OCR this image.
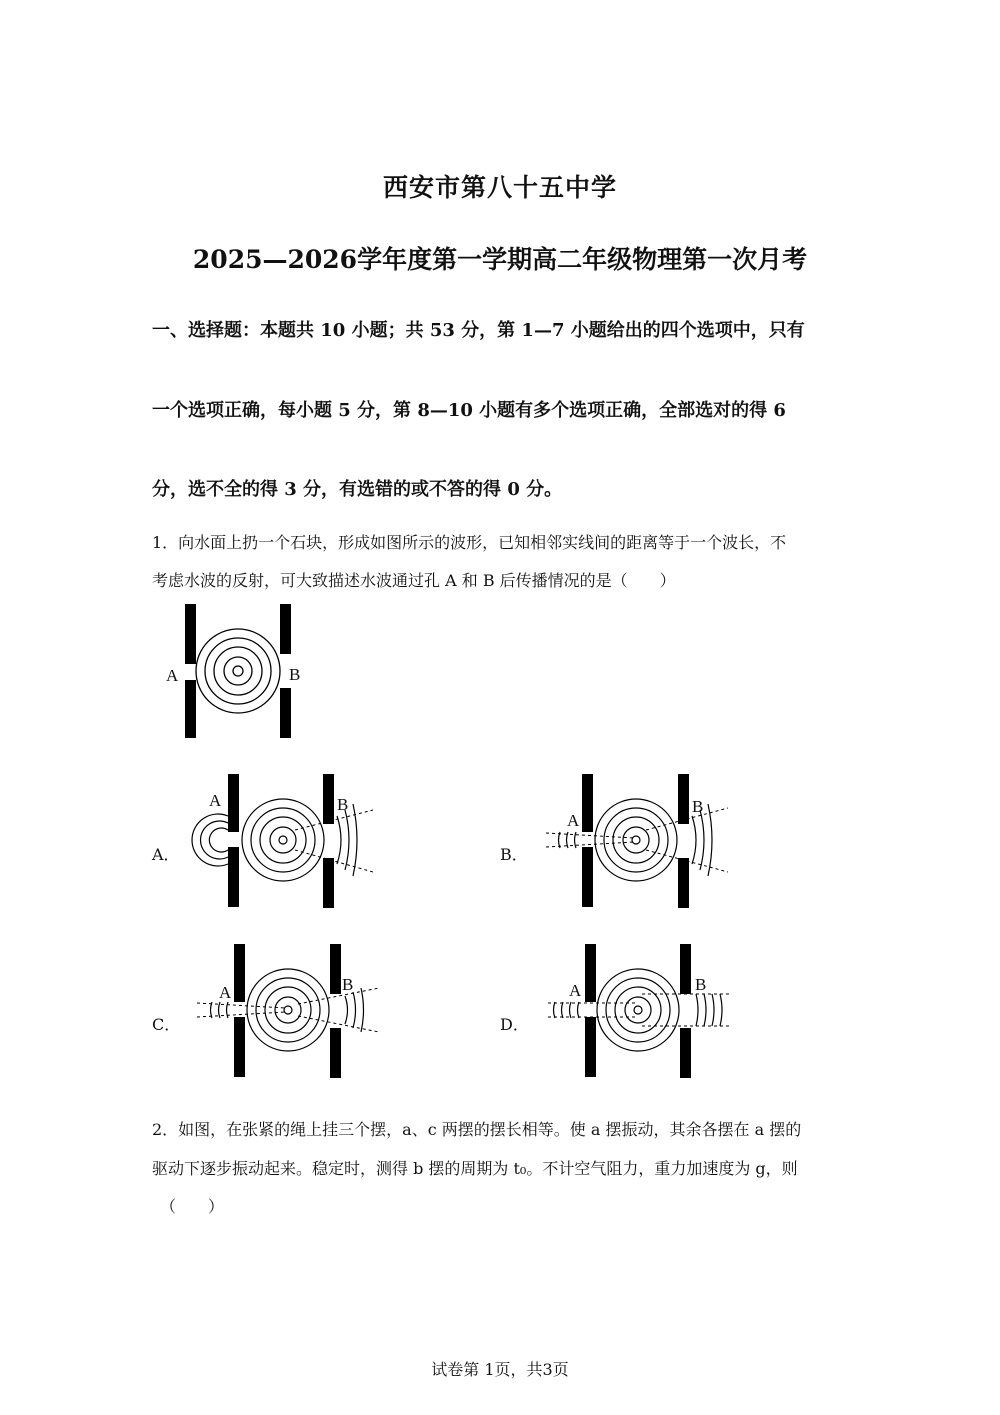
西安市第八十五中学
2025—2026学年度第一学期高二年级物理第一次月考
一、选择题：本题共 10 小题；共 53 分，第 1—7 小题给出的四个选项中，只有
一个选项正确，每小题 5 分，第 8—10 小题有多个选项正确，全部选对的得 6
分，选不全的得 3 分，有选错的或不答的得 0 分。
1．向水面上扔一个石块，形成如图所示的波形，已知相邻实线间的距离等于一个波长，不
考虑水波的反射，可大致描述水波通过孔 A 和 B 后传播情况的是（　　）
A	B
A．
A	B
B．
A
B
C．
A	B
D．
A	B
2．如图，在张紧的绳上挂三个摆，a、c 两摆的摆长相等。使 a 摆振动，其余各摆在 a 摆的
驱动下逐步振动起来。稳定时，测得 b 摆的周期为 t₀。不计空气阻力，重力加速度为 g，则
（　　）
试卷第 1页，共3页
